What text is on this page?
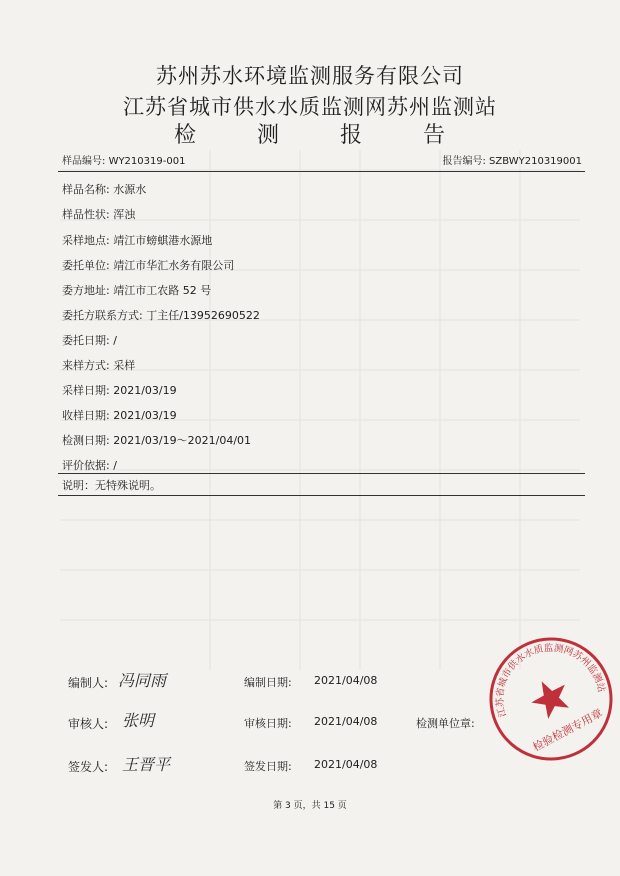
苏州苏水环境监测服务有限公司
江苏省城市供水水质监测网苏州监测站
检	测	报	告
样品编号: WY210319-001	报告编号: SZBWY210319001
样品名称: 水源水
样品性状: 浑浊
采样地点: 靖江市螃蜞港水源地
委托单位: 靖江市华汇水务有限公司
委方地址: 靖江市工农路 52 号
委托方联系方式: 丁主任/13952690522
委托日期: /
来样方式: 采样
采样日期: 2021/03/19
收样日期: 2021/03/19
检测日期: 2021/03/19～2021/04/01
评价依据: /
说明：无特殊说明。
编制人: 冯同雨	编制日期: 2021/04/08
审核人: 张明	审核日期: 2021/04/08	检测单位章:
签发人: 王晋平	签发日期: 2021/04/08
江苏省城市供水水质监测网苏州监测站
检验检测专用章
第 3 页，共 15 页
